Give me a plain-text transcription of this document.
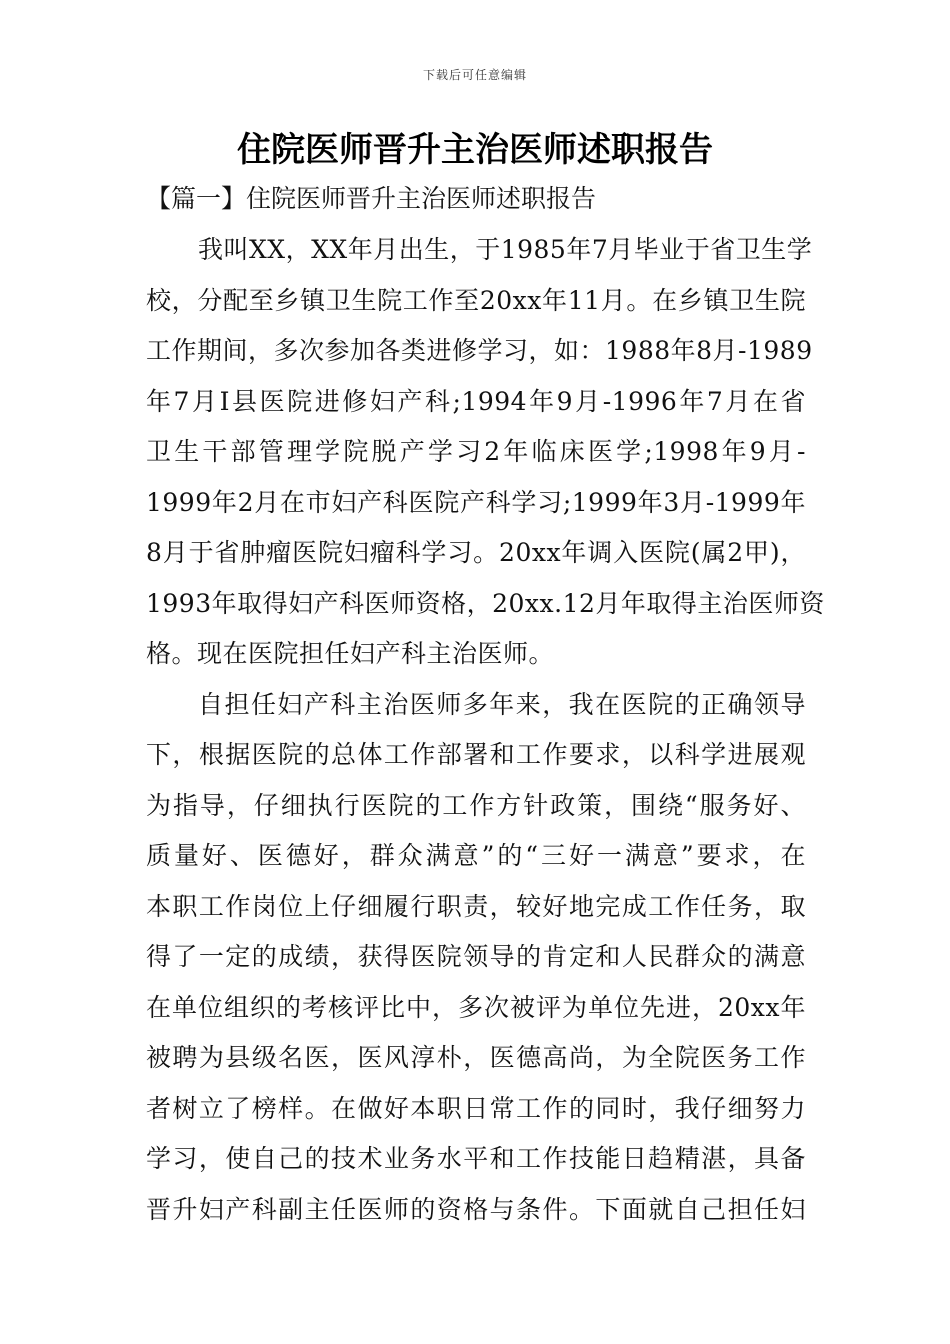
下载后可任意编辑
住院医师晋升主治医师述职报告
【篇一】住院医师晋升主治医师述职报告
我叫XX，XX年月出生，于1985年7月毕业于省卫生学
校，分配至乡镇卫生院工作至20xx年11月。在乡镇卫生院
工作期间，多次参加各类进修学习，如：1988年8月-1989
年7月I县医院进修妇产科;1994年9月-1996年7月在省
卫生干部管理学院脱产学习2年临床医学;1998年9月-
1999年2月在市妇产科医院产科学习;1999年3月-1999年
8月于省肿瘤医院妇瘤科学习。20xx年调入医院(属2甲)，
1993年取得妇产科医师资格，20xx.12月年取得主治医师资
格。现在医院担任妇产科主治医师。
自担任妇产科主治医师多年来，我在医院的正确领导
下，根据医院的总体工作部署和工作要求，以科学进展观
为指导，仔细执行医院的工作方针政策，围绕“服务好、
质量好、医德好，群众满意”的“三好一满意”要求，在
本职工作岗位上仔细履行职责，较好地完成工作任务，取
得了一定的成绩，获得医院领导的肯定和人民群众的满意
在单位组织的考核评比中，多次被评为单位先进，20xx年
被聘为县级名医，医风淳朴，医德高尚，为全院医务工作
者树立了榜样。在做好本职日常工作的同时，我仔细努力
学习，使自己的技术业务水平和工作技能日趋精湛，具备
晋升妇产科副主任医师的资格与条件。下面就自己担任妇
